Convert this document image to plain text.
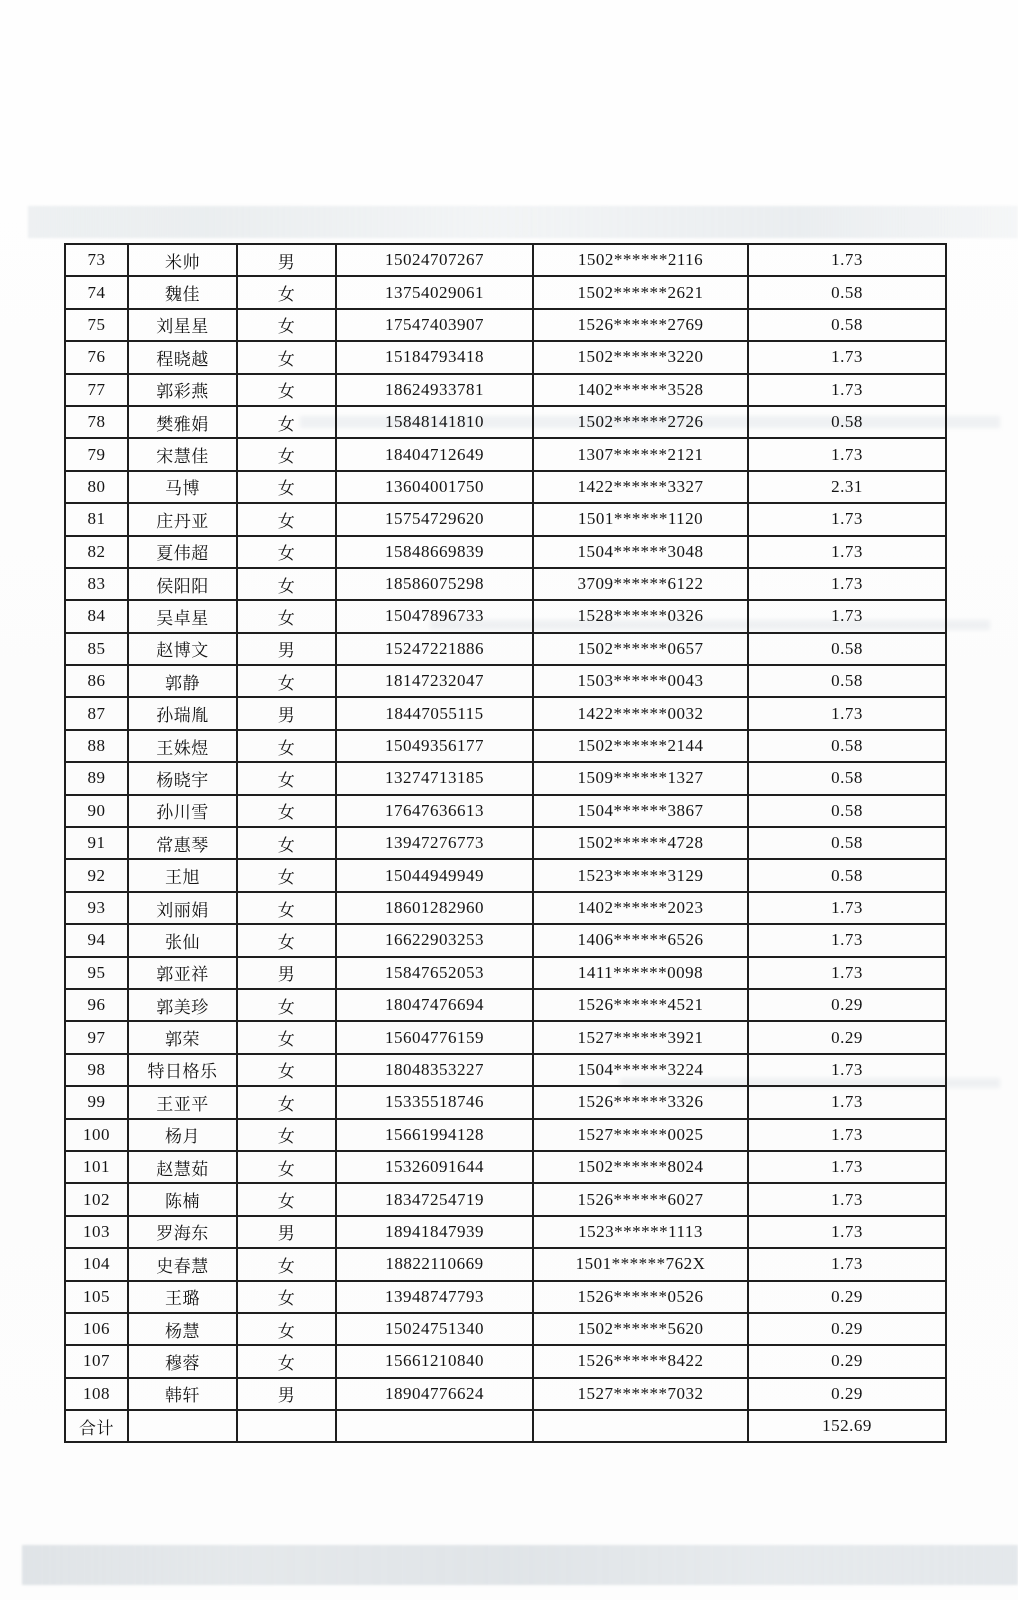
73	米帅	男	15024707267	1502******2116	1.73
74	魏佳	女	13754029061	1502******2621	0.58
75	刘星星	女	17547403907	1526******2769	0.58
76	程晓越	女	15184793418	1502******3220	1.73
77	郭彩燕	女	18624933781	1402******3528	1.73
78	樊雅娟	女	15848141810	1502******2726	0.58
79	宋慧佳	女	18404712649	1307******2121	1.73
80	马博	女	13604001750	1422******3327	2.31
81	庄丹亚	女	15754729620	1501******1120	1.73
82	夏伟超	女	15848669839	1504******3048	1.73
83	侯阳阳	女	18586075298	3709******6122	1.73
84	吴卓星	女	15047896733	1528******0326	1.73
85	赵博文	男	15247221886	1502******0657	0.58
86	郭静	女	18147232047	1503******0043	0.58
87	孙瑞胤	男	18447055115	1422******0032	1.73
88	王姝煜	女	15049356177	1502******2144	0.58
89	杨晓宇	女	13274713185	1509******1327	0.58
90	孙川雪	女	17647636613	1504******3867	0.58
91	常惠琴	女	13947276773	1502******4728	0.58
92	王旭	女	15044949949	1523******3129	0.58
93	刘丽娟	女	18601282960	1402******2023	1.73
94	张仙	女	16622903253	1406******6526	1.73
95	郭亚祥	男	15847652053	1411******0098	1.73
96	郭美珍	女	18047476694	1526******4521	0.29
97	郭荣	女	15604776159	1527******3921	0.29
98	特日格乐	女	18048353227	1504******3224	1.73
99	王亚平	女	15335518746	1526******3326	1.73
100	杨月	女	15661994128	1527******0025	1.73
101	赵慧茹	女	15326091644	1502******8024	1.73
102	陈楠	女	18347254719	1526******6027	1.73
103	罗海东	男	18941847939	1523******1113	1.73
104	史春慧	女	18822110669	1501******762X	1.73
105	王璐	女	13948747793	1526******0526	0.29
106	杨慧	女	15024751340	1502******5620	0.29
107	穆蓉	女	15661210840	1526******8422	0.29
108	韩轩	男	18904776624	1527******7032	0.29
合计					152.69
